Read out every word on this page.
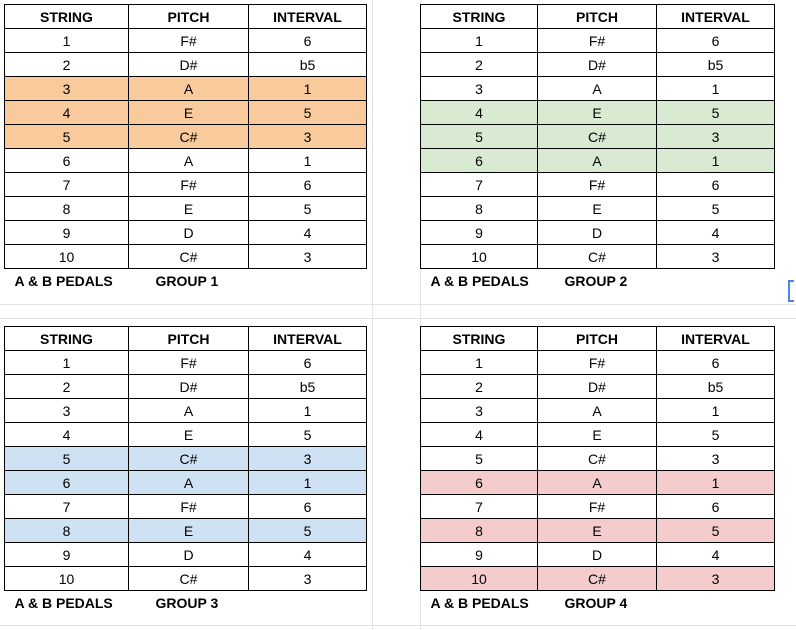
STRING	PITCH	INTERVAL
1	F#	6
2	D#	b5
3	A	1
4	E	5
5	C#	3
6	A	1
7	F#	6
8	E	5
9	D	4
10	C#	3
A & B PEDALS	GROUP 1	
STRING	PITCH	INTERVAL
1	F#	6
2	D#	b5
3	A	1
4	E	5
5	C#	3
6	A	1
7	F#	6
8	E	5
9	D	4
10	C#	3
A & B PEDALS	GROUP 2	
STRING	PITCH	INTERVAL
1	F#	6
2	D#	b5
3	A	1
4	E	5
5	C#	3
6	A	1
7	F#	6
8	E	5
9	D	4
10	C#	3
A & B PEDALS	GROUP 3	
STRING	PITCH	INTERVAL
1	F#	6
2	D#	b5
3	A	1
4	E	5
5	C#	3
6	A	1
7	F#	6
8	E	5
9	D	4
10	C#	3
A & B PEDALS	GROUP 4	
